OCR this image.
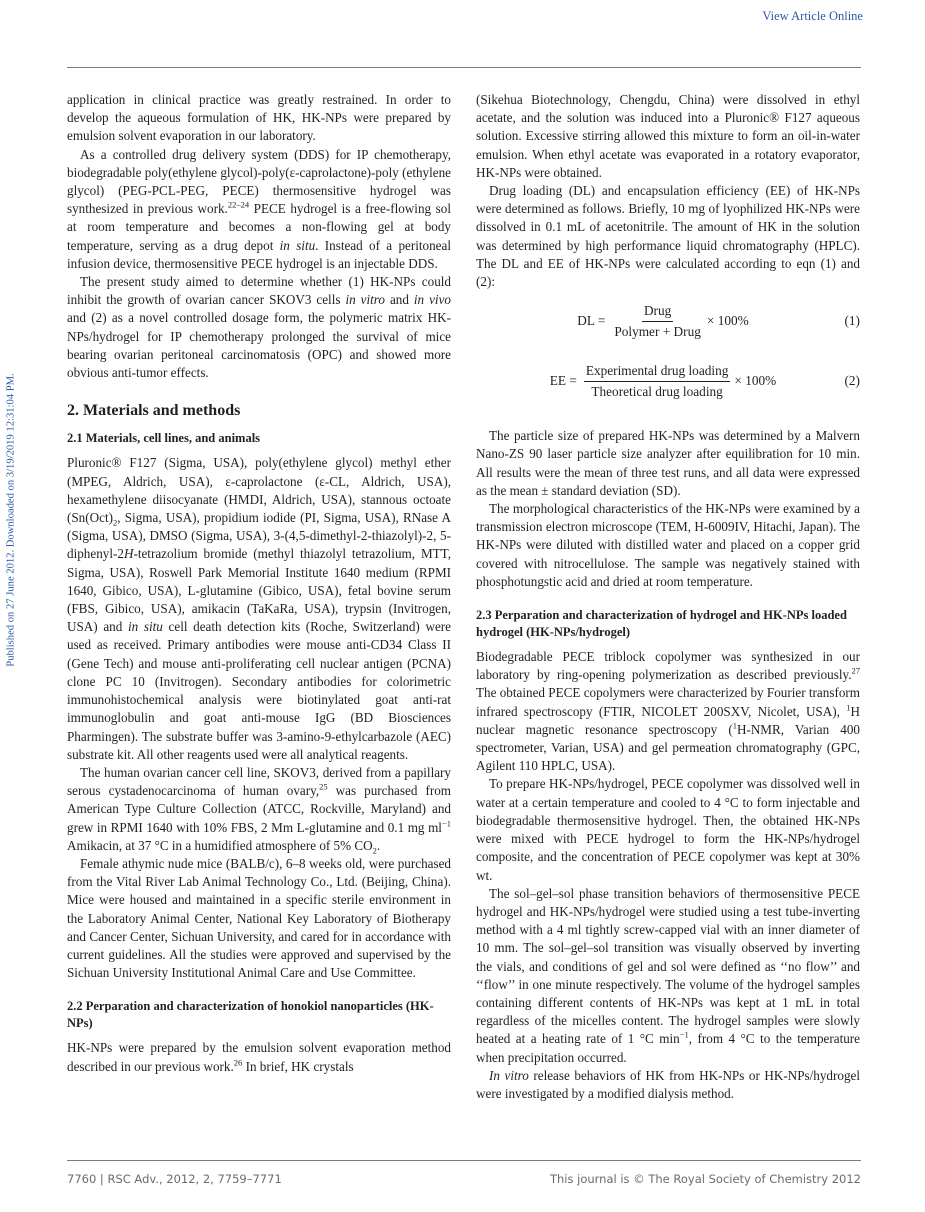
View Article Online
Published on 27 June 2012. Downloaded on 3/19/2019 12:31:04 PM.

application in clinical practice was greatly restrained. In order to develop the aqueous formulation of HK, HK-NPs were prepared by emulsion solvent evaporation in our laboratory.

As a controlled drug delivery system (DDS) for IP chemotherapy, biodegradable poly(ethylene glycol)-poly(ε-caprolactone)-poly (ethylene glycol) (PEG-PCL-PEG, PECE) thermosensitive hydrogel was synthesized in previous work.$^{22-24}$ PECE hydrogel is a free-flowing sol at room temperature and becomes a non-flowing gel at body temperature, serving as a drug depot in situ. Instead of a peritoneal infusion device, thermosensitive PECE hydrogel is an injectable DDS.

The present study aimed to determine whether (1) HK-NPs could inhibit the growth of ovarian cancer SKOV3 cells in vitro and in vivo and (2) as a novel controlled dosage form, the polymeric matrix HK-NPs/hydrogel for IP chemotherapy prolonged the survival of mice bearing ovarian peritoneal carcinomatosis (OPC) and showed more obvious anti-tumor effects.

2. Materials and methods
2.1 Materials, cell lines, and animals

Pluronic® F127 (Sigma, USA), poly(ethylene glycol) methyl ether (MPEG, Aldrich, USA), ε-caprolactone (ε-CL, Aldrich, USA), hexamethylene diisocyanate (HMDI, Aldrich, USA), stannous octoate ($Sn(Oct)_2$, Sigma, USA), propidium iodide (PI, Sigma, USA), RNase A (Sigma, USA), DMSO (Sigma, USA), 3-(4,5-dimethyl-2-thiazolyl)-2, 5-diphenyl-2H-tetrazolium bromide (methyl thiazolyl tetrazolium, MTT, Sigma, USA), Roswell Park Memorial Institute 1640 medium (RPMI 1640, Gibico, USA), L-glutamine (Gibico, USA), fetal bovine serum (FBS, Gibico, USA), amikacin (TaKaRa, USA), trypsin (Invitrogen, USA) and in situ cell death detection kits (Roche, Switzerland) were used as received. Primary antibodies were mouse anti-CD34 Class II (Gene Tech) and mouse anti-proliferating cell nuclear antigen (PCNA) clone PC 10 (Invitrogen). Secondary antibodies for colorimetric immunohistochemical analysis were biotinylated goat anti-rat immunoglobulin and goat anti-mouse IgG (BD Biosciences Pharmingen). The substrate buffer was 3-amino-9-ethylcarbazole (AEC) substrate kit. All other reagents used were all analytical reagents.

The human ovarian cancer cell line, SKOV3, derived from a papillary serous cystadenocarcinoma of human ovary,$^{25}$ was purchased from American Type Culture Collection (ATCC, Rockville, Maryland) and grew in RPMI 1640 with 10% FBS, 2 Mm L-glutamine and 0.1 mg $ml^{-1}$ Amikacin, at 37 °C in a humidified atmosphere of 5% $CO_2$.

Female athymic nude mice (BALB/c), 6–8 weeks old, were purchased from the Vital River Lab Animal Technology Co., Ltd. (Beijing, China). Mice were housed and maintained in a specific sterile environment in the Laboratory Animal Center, National Key Laboratory of Biotherapy and Cancer Center, Sichuan University, and cared for in accordance with current guidelines. All the studies were approved and supervised by the Sichuan University Institutional Animal Care and Use Committee.

2.2 Perparation and characterization of honokiol nanoparticles (HK-NPs)

HK-NPs were prepared by the emulsion solvent evaporation method described in our previous work.$^{26}$ In brief, HK crystals

(Sikehua Biotechnology, Chengdu, China) were dissolved in ethyl acetate, and the solution was induced into a Pluronic® F127 aqueous solution. Excessive stirring allowed this mixture to form an oil-in-water emulsion. When ethyl acetate was evaporated in a rotatory evaporator, HK-NPs were obtained.

Drug loading (DL) and encapsulation efficiency (EE) of HK-NPs were determined as follows. Briefly, 10 mg of lyophilized HK-NPs were dissolved in 0.1 mL of acetonitrile. The amount of HK in the solution was determined by high performance liquid chromatography (HPLC). The DL and EE of HK-NPs were calculated according to eqn (1) and (2):

DL = $\frac{\text{Drug}}{\text{Polymer + Drug}} \times 100\%$	(1)
EE = $\frac{\text{Experimental drug loading}}{\text{Theoretical drug loading}} \times 100\%$	(2)

The particle size of prepared HK-NPs was determined by a Malvern Nano-ZS 90 laser particle size analyzer after equilibration for 10 min. All results were the mean of three test runs, and all data were expressed as the mean ± standard deviation (SD).

The morphological characteristics of the HK-NPs were examined by a transmission electron microscope (TEM, H-6009IV, Hitachi, Japan). The HK-NPs were diluted with distilled water and placed on a copper grid covered with nitrocellulose. The sample was negatively stained with phosphotungstic acid and dried at room temperature.

2.3 Perparation and characterization of hydrogel and HK-NPs loaded hydrogel (HK-NPs/hydrogel)

Biodegradable PECE triblock copolymer was synthesized in our laboratory by ring-opening polymerization as described previously.$^{27}$ The obtained PECE copolymers were characterized by Fourier transform infrared spectroscopy (FTIR, NICOLET 200SXV, Nicolet, USA), $^1$H nuclear magnetic resonance spectroscopy ($^1$H-NMR, Varian 400 spectrometer, Varian, USA) and gel permeation chromatography (GPC, Agilent 110 HPLC, USA).

To prepare HK-NPs/hydrogel, PECE copolymer was dissolved well in water at a certain temperature and cooled to 4 °C to form injectable and biodegradable thermosensitive hydrogel. Then, the obtained HK-NPs were mixed with PECE hydrogel to form the HK-NPs/hydrogel composite, and the concentration of PECE copolymer was kept at 30% wt.

The sol–gel–sol phase transition behaviors of thermosensitive PECE hydrogel and HK-NPs/hydrogel were studied using a test tube-inverting method with a 4 ml tightly screw-capped vial with an inner diameter of 10 mm. The sol–gel–sol transition was visually observed by inverting the vials, and conditions of gel and sol were defined as ‘‘no flow’’ and ‘‘flow’’ in one minute respectively. The volume of the hydrogel samples containing different contents of HK-NPs was kept at 1 mL in total regardless of the micelles content. The hydrogel samples were slowly heated at a heating rate of 1 °C $\min^{-1}$, from 4 °C to the temperature when precipitation occurred.

In vitro release behaviors of HK from HK-NPs or HK-NPs/hydrogel were investigated by a modified dialysis method.

7760 | RSC Adv., 2012, 2, 7759–7771	This journal is © The Royal Society of Chemistry 2012
